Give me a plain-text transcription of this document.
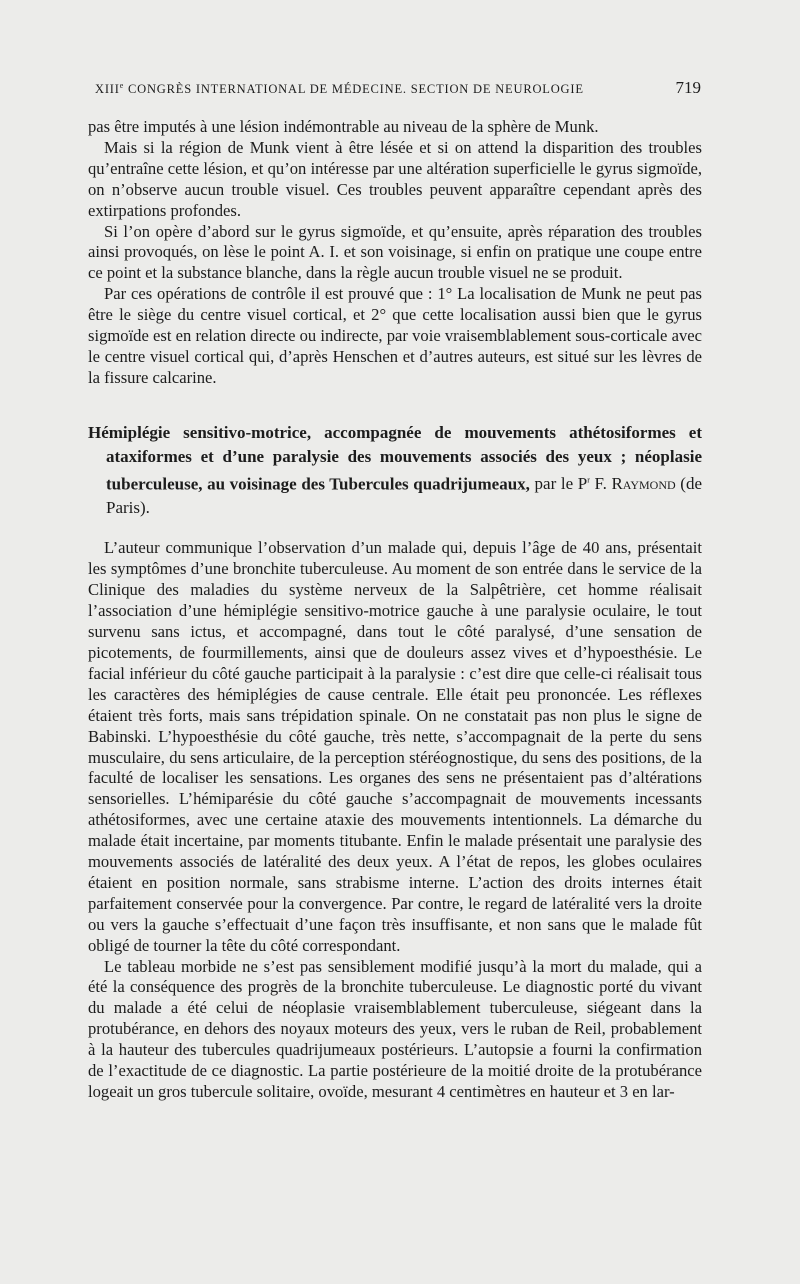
XIIIe CONGRÈS INTERNATIONAL DE MÉDECINE. SECTION DE NEUROLOGIE	719

pas être imputés à une lésion indémontrable au niveau de la sphère de Munk.

Mais si la région de Munk vient à être lésée et si on attend la disparition des troubles qu’entraîne cette lésion, et qu’on intéresse par une altération superficielle le gyrus sigmoïde, on n’observe aucun trouble visuel. Ces troubles peuvent apparaître cependant après des extirpations profondes.

Si l’on opère d’abord sur le gyrus sigmoïde, et qu’ensuite, après réparation des troubles ainsi provoqués, on lèse le point A. I. et son voisinage, si enfin on pratique une coupe entre ce point et la substance blanche, dans la règle aucun trouble visuel ne se produit.

Par ces opérations de contrôle il est prouvé que : 1° La localisation de Munk ne peut pas être le siège du centre visuel cortical, et 2° que cette localisation aussi bien que le gyrus sigmoïde est en relation directe ou indirecte, par voie vraisemblablement sous-corticale avec le centre visuel cortical qui, d’après Henschen et d’autres auteurs, est situé sur les lèvres de la fissure calcarine.

Hémiplégie sensitivo-motrice, accompagnée de mouvements athétosiformes et ataxiformes et d’une paralysie des mouvements associés des yeux ; néoplasie tuberculeuse, au voisinage des Tubercules quadrijumeaux, par le $P^r$ F. Raymond (de Paris).

L’auteur communique l’observation d’un malade qui, depuis l’âge de 40 ans, présentait les symptômes d’une bronchite tuberculeuse. Au moment de son entrée dans le service de la Clinique des maladies du système nerveux de la Salpêtrière, cet homme réalisait l’association d’une hémiplégie sensitivo-motrice gauche à une paralysie oculaire, le tout survenu sans ictus, et accompagné, dans tout le côté paralysé, d’une sensation de picotements, de fourmillements, ainsi que de douleurs assez vives et d’hypoesthésie. Le facial inférieur du côté gauche participait à la paralysie : c’est dire que celle-ci réalisait tous les caractères des hémiplégies de cause centrale. Elle était peu prononcée. Les réflexes étaient très forts, mais sans trépidation spinale. On ne constatait pas non plus le signe de Babinski. L’hypoesthésie du côté gauche, très nette, s’accompagnait de la perte du sens musculaire, du sens articulaire, de la perception stéréognostique, du sens des positions, de la faculté de localiser les sensations. Les organes des sens ne présentaient pas d’altérations sensorielles. L’hémiparésie du côté gauche s’accompagnait de mouvements incessants athétosiformes, avec une certaine ataxie des mouvements intentionnels. La démarche du malade était incertaine, par moments titubante. Enfin le malade présentait une paralysie des mouvements associés de latéralité des deux yeux. A l’état de repos, les globes oculaires étaient en position normale, sans strabisme interne. L’action des droits internes était parfaitement conservée pour la convergence. Par contre, le regard de latéralité vers la droite ou vers la gauche s’effectuait d’une façon très insuffisante, et non sans que le malade fût obligé de tourner la tête du côté correspondant.

Le tableau morbide ne s’est pas sensiblement modifié jusqu’à la mort du malade, qui a été la conséquence des progrès de la bronchite tuberculeuse. Le diagnostic porté du vivant du malade a été celui de néoplasie vraisemblablement tuberculeuse, siégeant dans la protubérance, en dehors des noyaux moteurs des yeux, vers le ruban de Reil, probablement à la hauteur des tubercules quadrijumeaux postérieurs. L’autopsie a fourni la confirmation de l’exactitude de ce diagnostic. La partie postérieure de la moitié droite de la protubérance logeait un gros tubercule solitaire, ovoïde, mesurant 4 centimètres en hauteur et 3 en lar-
